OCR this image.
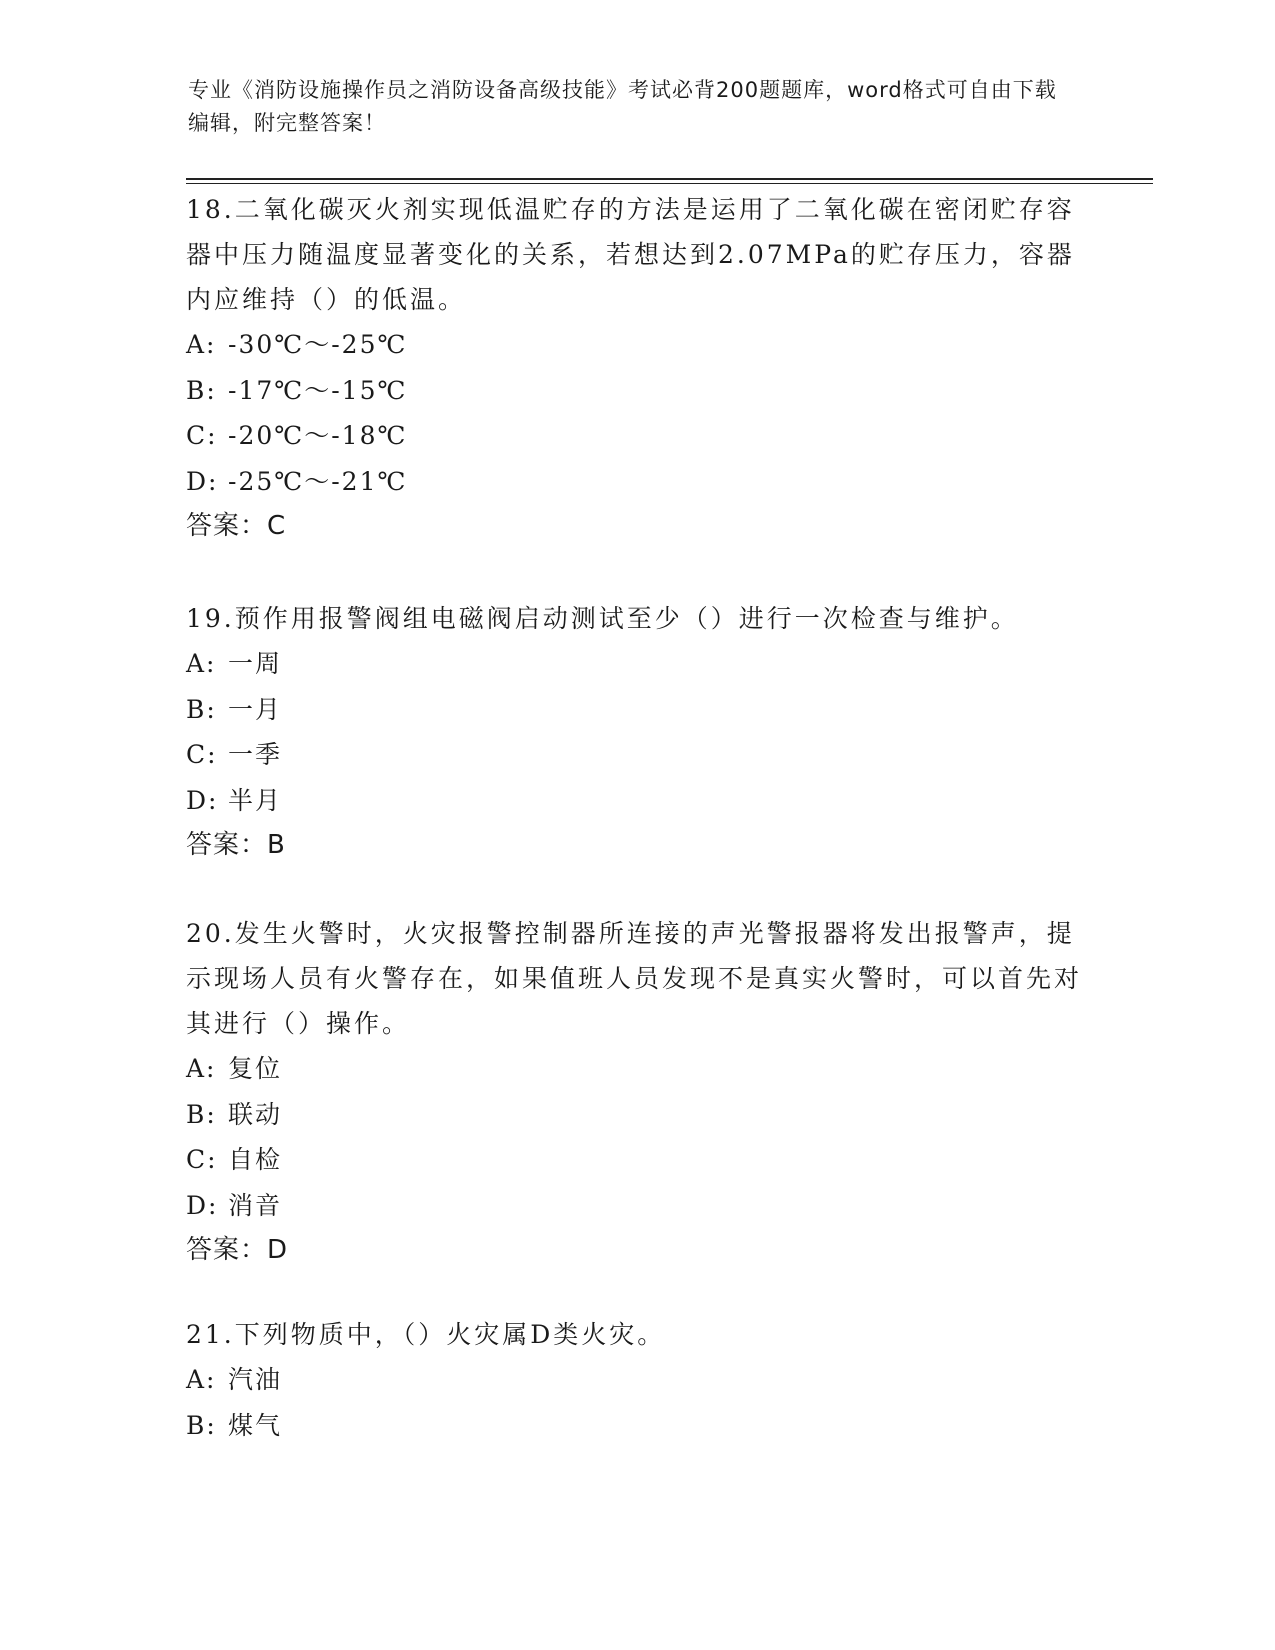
专业《消防设施操作员之消防设备高级技能》考试必背200题题库，word格式可自由下载编辑，附完整答案！

18.二氧化碳灭火剂实现低温贮存的方法是运用了二氧化碳在密闭贮存容器中压力随温度显著变化的关系，若想达到2.07MPa的贮存压力，容器内应维持（）的低温。

A: -30℃～-25℃

B: -17℃～-15℃

C: -20℃～-18℃

D: -25℃～-21℃

答案：C

19.预作用报警阀组电磁阀启动测试至少（）进行一次检查与维护。

A: 一周

B: 一月

C: 一季

D: 半月

答案：B

20.发生火警时，火灾报警控制器所连接的声光警报器将发出报警声，提示现场人员有火警存在，如果值班人员发现不是真实火警时，可以首先对其进行（）操作。

A: 复位

B: 联动

C: 自检

D: 消音

答案：D

21.下列物质中，（）火灾属D类火灾。

A: 汽油

B: 煤气
